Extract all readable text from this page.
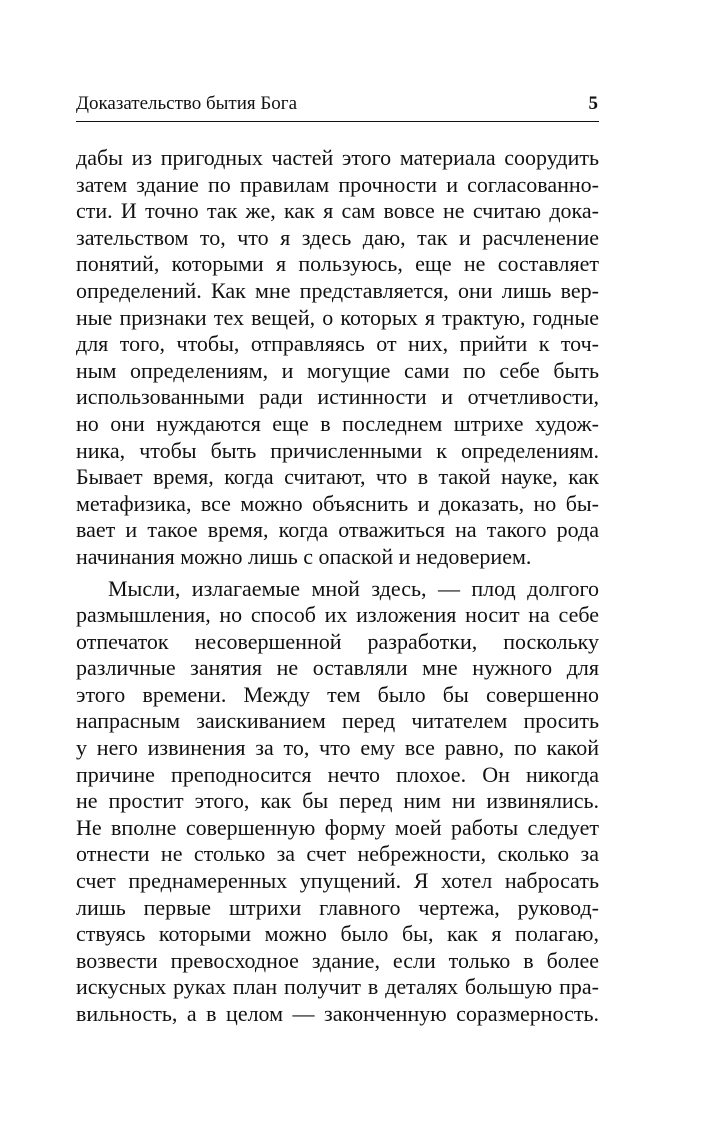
Доказательство бытия Бога	5
дабы из пригодных частей этого материала соорудить
затем здание по правилам прочности и согласованно-
сти. И точно так же, как я сам вовсе не считаю дока-
зательством то, что я здесь даю, так и расчленение
понятий, которыми я пользуюсь, еще не составляет
определений. Как мне представляется, они лишь вер-
ные признаки тех вещей, о которых я трактую, годные
для того, чтобы, отправляясь от них, прийти к точ-
ным определениям, и могущие сами по себе быть
использованными ради истинности и отчетливости,
но они нуждаются еще в последнем штрихе худож-
ника, чтобы быть причисленными к определениям.
Бывает время, когда считают, что в такой науке, как
метафизика, все можно объяснить и доказать, но бы-
вает и такое время, когда отважиться на такого рода
начинания можно лишь с опаской и недоверием.
Мысли, излагаемые мной здесь, — плод долгого
размышления, но способ их изложения носит на себе
отпечаток несовершенной разработки, поскольку
различные занятия не оставляли мне нужного для
этого времени. Между тем было бы совершенно
напрасным заискиванием перед читателем просить
у него извинения за то, что ему все равно, по какой
причине преподносится нечто плохое. Он никогда
не простит этого, как бы перед ним ни извинялись.
Не вполне совершенную форму моей работы следует
отнести не столько за счет небрежности, сколько за
счет преднамеренных упущений. Я хотел набросать
лишь первые штрихи главного чертежа, руковод-
ствуясь которыми можно было бы, как я полагаю,
возвести превосходное здание, если только в более
искусных руках план получит в деталях большую пра-
вильность, а в целом — законченную соразмерность.
